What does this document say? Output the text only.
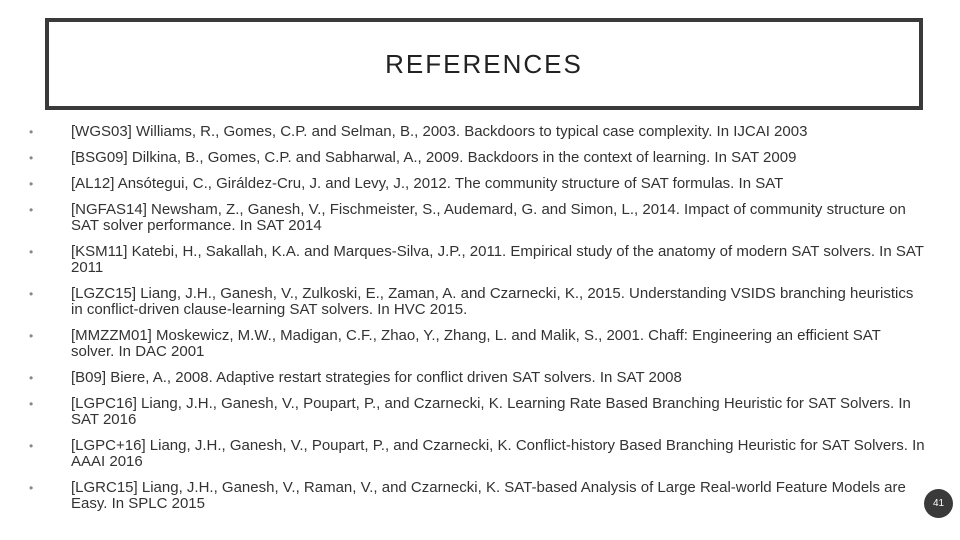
REFERENCES
•	[WGS03] Williams, R., Gomes, C.P. and Selman, B., 2003. Backdoors to typical case complexity. In IJCAI 2003
•	[BSG09] Dilkina, B., Gomes, C.P. and Sabharwal, A., 2009. Backdoors in the context of learning. In SAT 2009
•	[AL12] Ansótegui, C., Giráldez-Cru, J. and Levy, J., 2012. The community structure of SAT formulas. In SAT
•	[NGFAS14] Newsham, Z., Ganesh, V., Fischmeister, S., Audemard, G. and Simon, L., 2014. Impact of community structure on SAT solver performance. In SAT 2014
•	[KSM11] Katebi, H., Sakallah, K.A. and Marques-Silva, J.P., 2011. Empirical study of the anatomy of modern SAT solvers. In SAT 2011
•	[LGZC15] Liang, J.H., Ganesh, V., Zulkoski, E., Zaman, A. and Czarnecki, K., 2015. Understanding VSIDS branching heuristics in conflict-driven clause-learning SAT solvers. In HVC 2015.
•	[MMZZM01] Moskewicz, M.W., Madigan, C.F., Zhao, Y., Zhang, L. and Malik, S., 2001. Chaff: Engineering an efficient SAT solver. In DAC 2001
•	[B09] Biere, A., 2008. Adaptive restart strategies for conflict driven SAT solvers. In SAT 2008
•	[LGPC16] Liang, J.H., Ganesh, V., Poupart, P., and Czarnecki, K. Learning Rate Based Branching Heuristic for SAT Solvers. In SAT 2016
•	[LGPC+16] Liang, J.H., Ganesh, V., Poupart, P., and Czarnecki, K. Conflict-history Based Branching Heuristic for SAT Solvers. In AAAI 2016
•	[LGRC15] Liang, J.H., Ganesh, V., Raman, V., and Czarnecki, K. SAT-based Analysis of Large Real-world Feature Models are Easy. In SPLC 2015	41
